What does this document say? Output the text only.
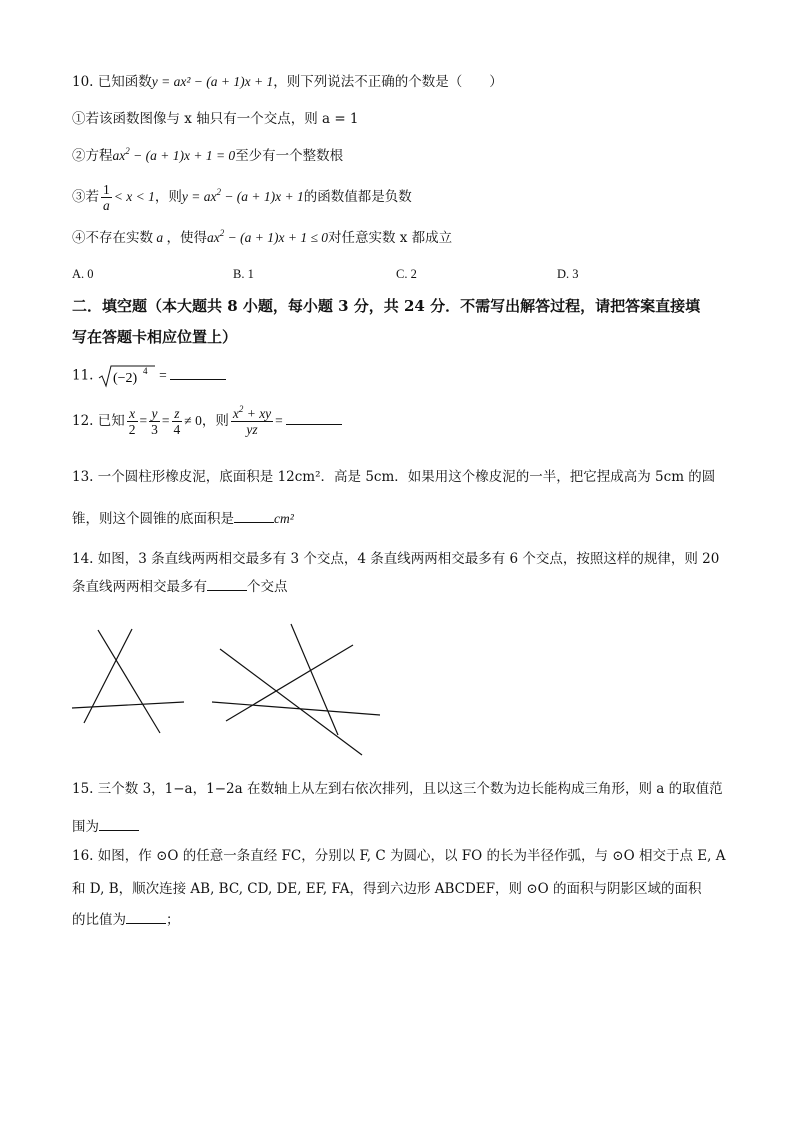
10. 已知函数y = ax² − (a + 1)x + 1，则下列说法不正确的个数是（　　）
①若该函数图像与 x 轴只有一个交点，则 a = 1
②方程$ax^2 - (a + 1)x + 1 = 0$至少有一个整数根
③若 $\frac{1}{a} < x < 1$，则$y = ax^2 - (a + 1)x + 1$的函数值都是负数
④不存在实数 a ，使得$ax^2 - (a + 1)x + 1 \le 0$对任意实数 x 都成立
A. 0	B. 1	C. 2	D. 3
二．填空题（本大题共 8 小题，每小题 3 分，共 24 分．不需写出解答过程，请把答案直接填
写在答题卡相应位置上）
11. (−2) 4 =
12. 已知 $\frac{x}{2} = \frac{y}{3} = \frac{z}{4} \ne 0$，则 $\frac{x^2 + xy}{yz}$ =
13. 一个圆柱形橡皮泥，底面积是 12cm²．高是 5cm．如果用这个橡皮泥的一半，把它捏成高为 5cm 的圆
锥，则这个圆锥的底面积是	cm²
14. 如图，3 条直线两两相交最多有 3 个交点，4 条直线两两相交最多有 6 个交点，按照这样的规律，则 20
条直线两两相交最多有	个交点
15. 三个数 3，1−a，1−2a 在数轴上从左到右依次排列，且以这三个数为边长能构成三角形，则 a 的取值范
围为
16. 如图，作 ⊙O 的任意一条直经 FC，分别以 F, C 为圆心，以 FO 的长为半径作弧，与 ⊙O 相交于点 E, A
和 D, B，顺次连接 AB, BC, CD, DE, EF, FA，得到六边形 ABCDEF，则 ⊙O 的面积与阴影区域的面积
的比值为	；
